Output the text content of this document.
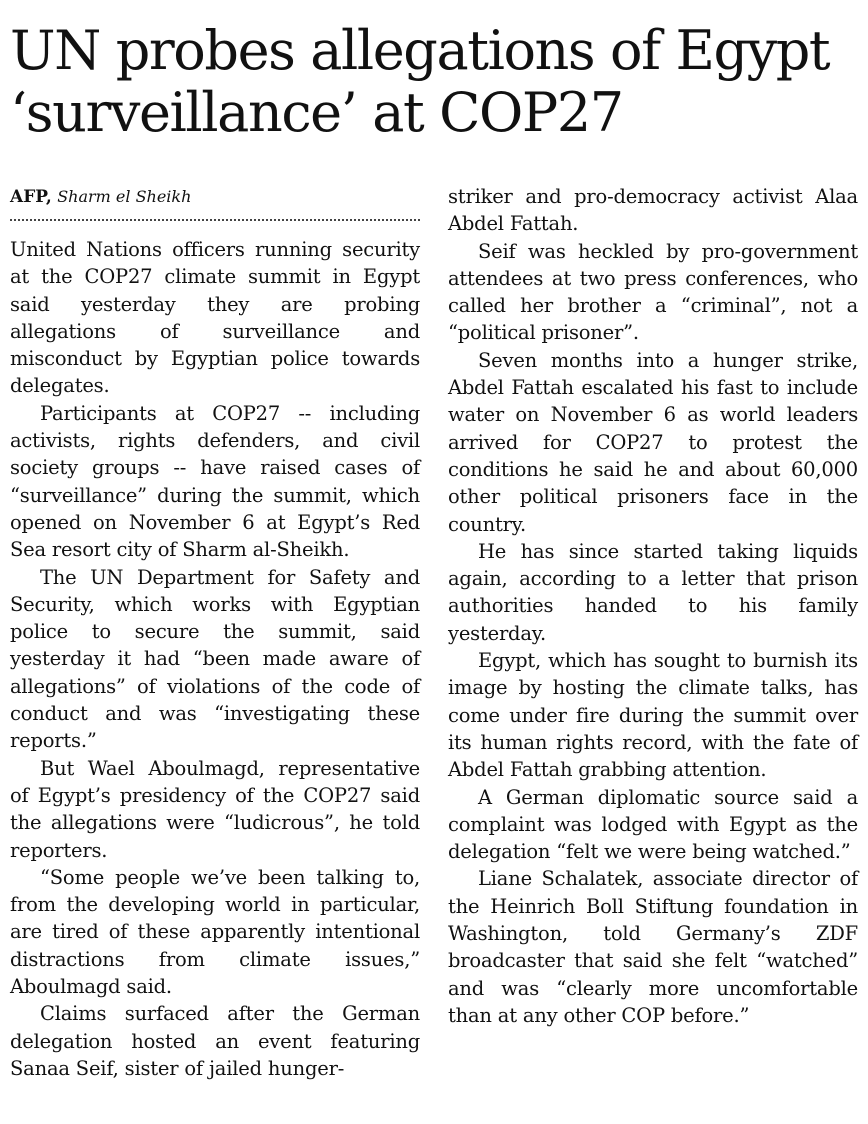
UN probes allegations of Egypt ‘surveillance’ at COP27
AFP, Sharm el Sheikh

United Nations officers running security at the COP27 climate summit in Egypt said yesterday they are probing allegations of surveillance and misconduct by Egyptian police towards delegates.

Participants at COP27 -- including activists, rights defenders, and civil society groups -- have raised cases of “surveillance” during the summit, which opened on November 6 at Egypt’s Red Sea resort city of Sharm al-Sheikh.

The UN Department for Safety and Security, which works with Egyptian police to secure the summit, said yesterday it had “been made aware of allegations” of violations of the code of conduct and was “investigating these reports.”

But Wael Aboulmagd, representative of Egypt’s presidency of the COP27 said the allegations were “ludicrous”, he told reporters.

“Some people we’ve been talking to, from the developing world in particular, are tired of these apparently intentional distractions from climate issues,” Aboulmagd said.

Claims surfaced after the German delegation hosted an event featuring Sanaa Seif, sister of jailed hunger-

striker and pro-democracy activist Alaa Abdel Fattah.

Seif was heckled by pro-government attendees at two press conferences, who called her brother a “criminal”, not a “political prisoner”.

Seven months into a hunger strike, Abdel Fattah escalated his fast to include water on November 6 as world leaders arrived for COP27 to protest the conditions he said he and about 60,000 other political prisoners face in the country.

He has since started taking liquids again, according to a letter that prison authorities handed to his family yesterday.

Egypt, which has sought to burnish its image by hosting the climate talks, has come under fire during the summit over its human rights record, with the fate of Abdel Fattah grabbing attention.

A German diplomatic source said a complaint was lodged with Egypt as the delegation “felt we were being watched.”

Liane Schalatek, associate director of the Heinrich Boll Stiftung foundation in Washington, told Germany’s ZDF broadcaster that said she felt “watched” and was “clearly more uncomfortable than at any other COP before.”
